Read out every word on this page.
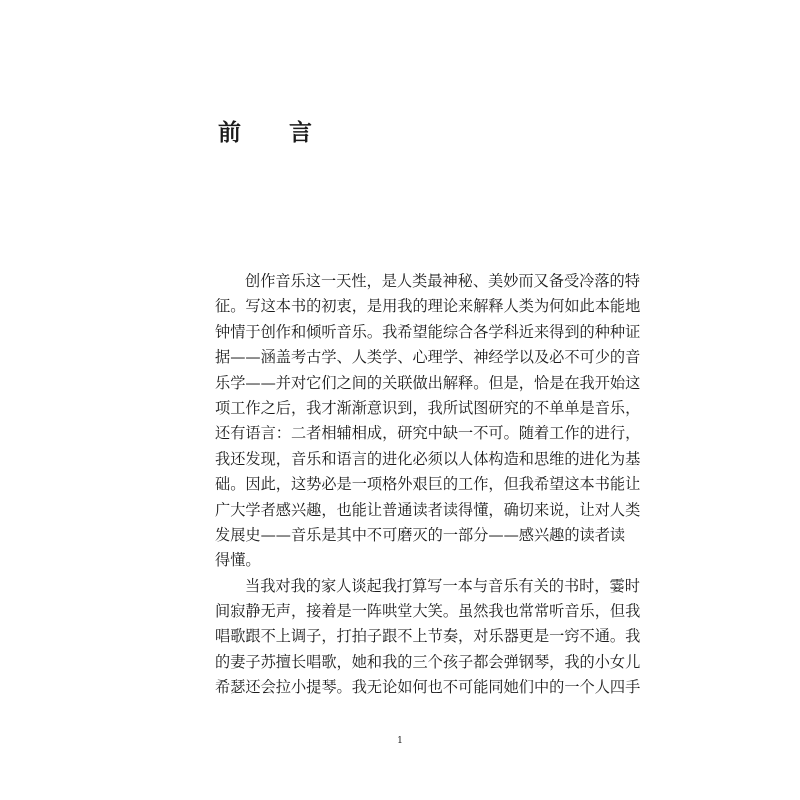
前 言

创作音乐这一天性，是人类最神秘、美妙而又备受冷落的特
征。写这本书的初衷，是用我的理论来解释人类为何如此本能地
钟情于创作和倾听音乐。我希望能综合各学科近来得到的种种证
据——涵盖考古学、人类学、心理学、神经学以及必不可少的音
乐学——并对它们之间的关联做出解释。但是，恰是在我开始这
项工作之后，我才渐渐意识到，我所试图研究的不单单是音乐，
还有语言：二者相辅相成，研究中缺一不可。随着工作的进行，
我还发现，音乐和语言的进化必须以人体构造和思维的进化为基
础。因此，这势必是一项格外艰巨的工作，但我希望这本书能让
广大学者感兴趣，也能让普通读者读得懂，确切来说，让对人类
发展史——音乐是其中不可磨灭的一部分——感兴趣的读者读
得懂。

当我对我的家人谈起我打算写一本与音乐有关的书时，霎时
间寂静无声，接着是一阵哄堂大笑。虽然我也常常听音乐，但我
唱歌跟不上调子，打拍子跟不上节奏，对乐器更是一窍不通。我
的妻子苏擅长唱歌，她和我的三个孩子都会弹钢琴，我的小女儿
希瑟还会拉小提琴。我无论如何也不可能同她们中的一个人四手

1
